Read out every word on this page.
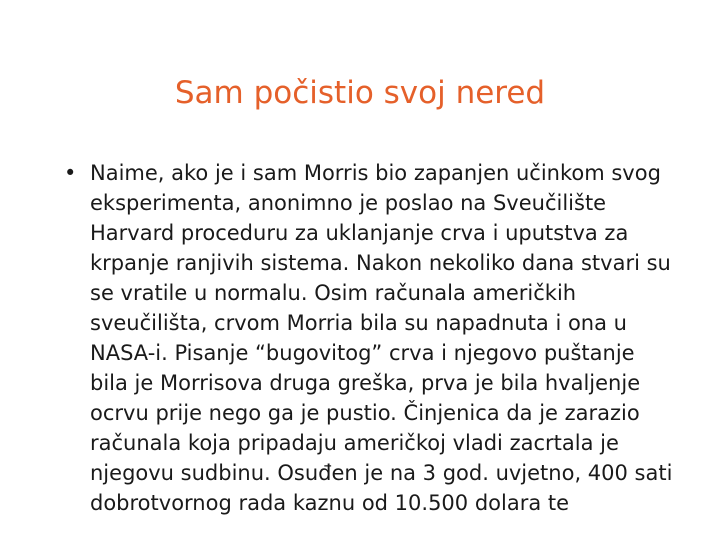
Sam počistio svoj nered
• Naime, ako je i sam Morris bio zapanjen učinkom svog eksperimenta, anonimno je poslao na Sveučilište Harvard proceduru za uklanjanje crva i uputstva za krpanje ranjivih sistema. Nakon nekoliko dana stvari su se vratile u normalu. Osim računala američkih sveučilišta, crvom Morria bila su napadnuta i ona u NASA-i. Pisanje “bugovitog” crva i njegovo puštanje bila je Morrisova druga greška, prva je bila hvaljenje ocrvu prije nego ga je pustio. Činjenica da je zarazio računala koja pripadaju američkoj vladi zacrtala je njegovu sudbinu. Osuđen je na 3 god. uvjetno, 400 sati dobrotvornog rada kaznu od 10.500 dolara te
